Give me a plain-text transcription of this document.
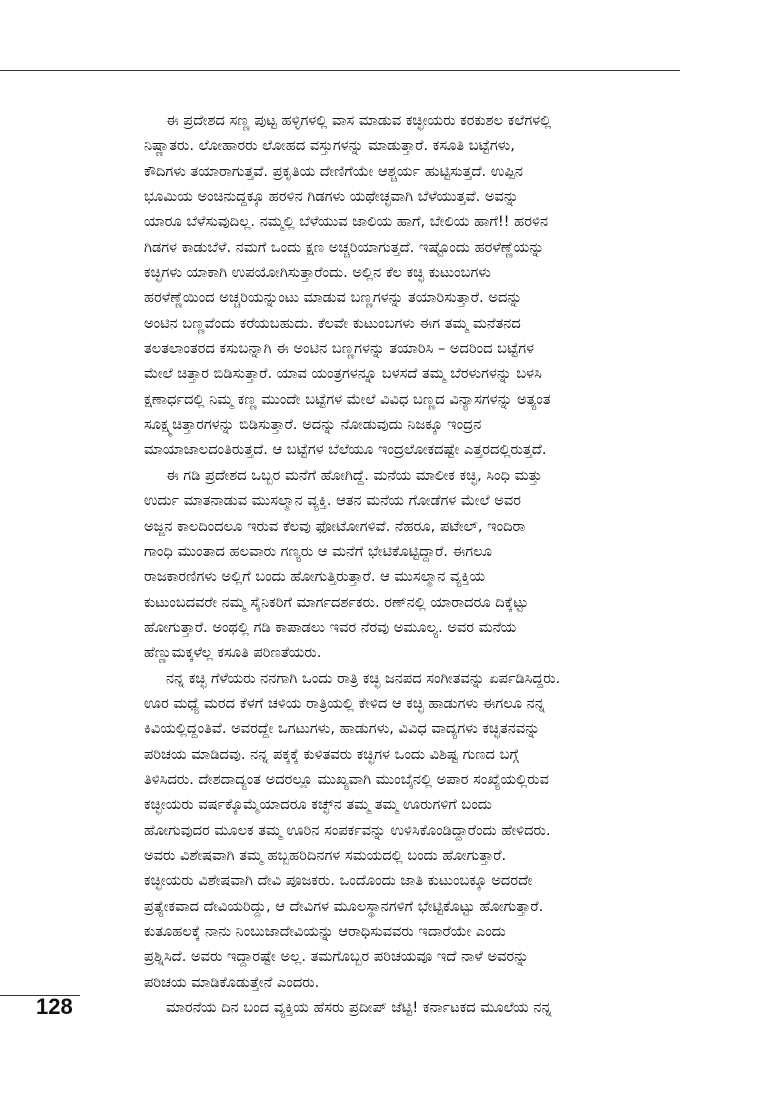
ಈ ಪ್ರದೇಶದ ಸಣ್ಣ ಪುಟ್ಟ ಹಳ್ಳಿಗಳಲ್ಲಿ ವಾಸ ಮಾಡುವ ಕಚ್ಛೀಯರು ಕರಕುಶಲ ಕಲೆಗಳಲ್ಲಿ
ನಿಷ್ಣಾತರು. ಲೋಹಾರರು ಲೋಹದ ವಸ್ತುಗಳನ್ನು ಮಾಡುತ್ತಾರೆ. ಕಸೂತಿ ಬಟ್ಟೆಗಳು,
ಕೌದಿಗಳು ತಯಾರಾಗುತ್ತವೆ. ಪ್ರಕೃತಿಯ ದೇಣಿಗೆಯೇ ಆಶ್ಚರ್ಯ ಹುಟ್ಟಿಸುತ್ತದೆ. ಉಪ್ಪಿನ
ಭೂಮಿಯ ಅಂಚಿನುದ್ದಕ್ಕೂ ಹರಳಿನ ಗಿಡಗಳು ಯಥೇಚ್ಛವಾಗಿ ಬೆಳೆಯುತ್ತವೆ. ಅವನ್ನು
ಯಾರೂ ಬೆಳೆಸುವುದಿಲ್ಲ. ನಮ್ಮಲ್ಲಿ ಬೆಳೆಯುವ ಜಾಲಿಯ ಹಾಗೆ, ಬೇಲಿಯ ಹಾಗೆ!! ಹರಳಿನ
ಗಿಡಗಳ ಕಾಡುಬೆಳೆ. ನಮಗೆ ಒಂದು ಕ್ಷಣ ಅಚ್ಚರಿಯಾಗುತ್ತದೆ. ಇಷ್ಟೊಂದು ಹರಳೆಣ್ಣೆಯನ್ನು
ಕಚ್ಛಿಗಳು ಯಾಕಾಗಿ ಉಪಯೋಗಿಸುತ್ತಾರೆಂದು. ಅಲ್ಲಿನ ಕೆಲ ಕಚ್ಛಿ ಕುಟುಂಬಗಳು
ಹರಳೆಣ್ಣೆಯಿಂದ ಅಚ್ಚರಿಯನ್ನುಂಟು ಮಾಡುವ ಬಣ್ಣಗಳನ್ನು ತಯಾರಿಸುತ್ತಾರೆ. ಅದನ್ನು
ಅಂಟಿನ ಬಣ್ಣವೆಂದು ಕರೆಯಬಹುದು. ಕೆಲವೇ ಕುಟುಂಬಗಳು ಈಗ ತಮ್ಮ ಮನೆತನದ
ತಲತಲಾಂತರದ ಕಸುಬನ್ನಾಗಿ ಈ ಅಂಟಿನ ಬಣ್ಣಗಳನ್ನು ತಯಾರಿಸಿ – ಅದರಿಂದ ಬಟ್ಟೆಗಳ
ಮೇಲೆ ಚಿತ್ತಾರ ಬಿಡಿಸುತ್ತಾರೆ. ಯಾವ ಯಂತ್ರಗಳನ್ನೂ ಬಳಸದೆ ತಮ್ಮ ಬೆರಳುಗಳನ್ನು ಬಳಸಿ
ಕ್ಷಣಾರ್ಧದಲ್ಲಿ ನಿಮ್ಮ ಕಣ್ಣ ಮುಂದೇ ಬಟ್ಟೆಗಳ ಮೇಲೆ ವಿವಿಧ ಬಣ್ಣದ ವಿನ್ಯಾಸಗಳನ್ನು ಅತ್ಯಂತ
ಸೂಕ್ಷ್ಮಚಿತ್ತಾರಗಳನ್ನು ಬಿಡಿಸುತ್ತಾರೆ. ಅದನ್ನು ನೋಡುವುದು ನಿಜಕ್ಕೂ ಇಂದ್ರನ
ಮಾಯಾಜಾಲದಂತಿರುತ್ತದೆ. ಆ ಬಟ್ಟೆಗಳ ಬೆಲೆಯೂ ಇಂದ್ರಲೋಕದಷ್ಟೇ ಎತ್ತರದಲ್ಲಿರುತ್ತದೆ.
ಈ ಗಡಿ ಪ್ರದೇಶದ ಒಬ್ಬರ ಮನೆಗೆ ಹೋಗಿದ್ದೆ. ಮನೆಯ ಮಾಲೀಕ ಕಚ್ಛಿ, ಸಿಂಧಿ ಮತ್ತು
ಉರ್ದು ಮಾತನಾಡುವ ಮುಸಲ್ಮಾನ ವ್ಯಕ್ತಿ. ಆತನ ಮನೆಯ ಗೋಡೆಗಳ ಮೇಲೆ ಅವರ
ಅಜ್ಜನ ಕಾಲದಿಂದಲೂ ಇರುವ ಕೆಲವು ಫೋಟೋಗಳಿವೆ. ನೆಹರೂ, ಪಟೇಲ್, ಇಂದಿರಾ
ಗಾಂಧಿ ಮುಂತಾದ ಹಲವಾರು ಗಣ್ಯರು ಆ ಮನೆಗೆ ಭೇಟಿಕೊಟ್ಟಿದ್ದಾರೆ. ಈಗಲೂ
ರಾಜಕಾರಣಿಗಳು ಅಲ್ಲಿಗೆ ಬಂದು ಹೋಗುತ್ತಿರುತ್ತಾರೆ. ಆ ಮುಸಲ್ಮಾನ ವ್ಯಕ್ತಿಯ
ಕುಟುಂಬದವರೇ ನಮ್ಮ ಸೈನಿಕರಿಗೆ ಮಾರ್ಗದರ್ಶಕರು. ರಣ್‌ನಲ್ಲಿ ಯಾರಾದರೂ ದಿಕ್ಕೆಟ್ಟು
ಹೋಗುತ್ತಾರೆ. ಅಂಥಲ್ಲಿ ಗಡಿ ಕಾಪಾಡಲು ಇವರ ನೆರವು ಅಮೂಲ್ಯ. ಅವರ ಮನೆಯ
ಹೆಣ್ಣುಮಕ್ಕಳೆಲ್ಲ ಕಸೂತಿ ಪರಿಣತೆಯರು.
ನನ್ನ ಕಚ್ಛಿ ಗೆಳೆಯರು ನನಗಾಗಿ ಒಂದು ರಾತ್ರಿ ಕಚ್ಛಿ ಜನಪದ ಸಂಗೀತವನ್ನು ಏರ್ಪಡಿಸಿದ್ದರು.
ಊರ ಮಧ್ಯೆ ಮರದ ಕೆಳಗೆ ಚಳಿಯ ರಾತ್ರಿಯಲ್ಲಿ ಕೇಳಿದ ಆ ಕಚ್ಛಿ ಹಾಡುಗಳು ಈಗಲೂ ನನ್ನ
ಕಿವಿಯಲ್ಲಿದ್ದಂತಿವೆ. ಅವರದ್ದೇ ಒಗಟುಗಳು, ಹಾಡುಗಳು, ವಿವಿಧ ವಾದ್ಯಗಳು ಕಚ್ಛಿತನವನ್ನು
ಪರಿಚಯ ಮಾಡಿದವು. ನನ್ನ ಪಕ್ಕಕ್ಕೆ ಕುಳಿತವರು ಕಚ್ಛಿಗಳ ಒಂದು ವಿಶಿಷ್ಟ ಗುಣದ ಬಗ್ಗೆ
ತಿಳಿಸಿದರು. ದೇಶದಾದ್ಯಂತ ಅದರಲ್ಲೂ ಮುಖ್ಯವಾಗಿ ಮುಂಬೈನಲ್ಲಿ ಅಪಾರ ಸಂಖ್ಯೆಯಲ್ಲಿರುವ
ಕಚ್ಛೀಯರು ವರ್ಷಕ್ಕೊಮ್ಮೆಯಾದರೂ ಕಚ್ಛ್‌ನ ತಮ್ಮ ತಮ್ಮ ಊರುಗಳಿಗೆ ಬಂದು
ಹೋಗುವುದರ ಮೂಲಕ ತಮ್ಮ ಊರಿನ ಸಂಪರ್ಕವನ್ನು ಉಳಿಸಿಕೊಂಡಿದ್ದಾರೆಂದು ಹೇಳಿದರು.
ಅವರು ವಿಶೇಷವಾಗಿ ತಮ್ಮ ಹಬ್ಬಹರಿದಿನಗಳ ಸಮಯದಲ್ಲಿ ಬಂದು ಹೋಗುತ್ತಾರೆ.
ಕಚ್ಛೀಯರು ವಿಶೇಷವಾಗಿ ದೇವಿ ಪೂಜಕರು. ಒಂದೊಂದು ಜಾತಿ ಕುಟುಂಬಕ್ಕೂ ಅದರದೇ
ಪ್ರತ್ಯೇಕವಾದ ದೇವಿಯರಿದ್ದು, ಆ ದೇವಿಗಳ ಮೂಲಸ್ಥಾನಗಳಿಗೆ ಭೇಟ್ಟಿಕೊಟ್ಟು ಹೋಗುತ್ತಾರೆ.
ಕುತೂಹಲಕ್ಕೆ ನಾನು ನಿಂಬುಜಾದೇವಿಯನ್ನು ಆರಾಧಿಸುವವರು ಇದಾರೆಯೇ ಎಂದು
ಪ್ರಶ್ನಿಸಿದೆ. ಅವರು ಇದ್ದಾರಷ್ಟೇ ಅಲ್ಲ. ತಮಗೊಬ್ಬರ ಪರಿಚಯವೂ ಇದೆ ನಾಳೆ ಅವರನ್ನು
ಪರಿಚಯ ಮಾಡಿಕೊಡುತ್ತೇನೆ ಎಂದರು.
ಮಾರನೆಯ ದಿನ ಬಂದ ವ್ಯಕ್ತಿಯ ಹೆಸರು ಪ್ರದೀಪ್ ಜೆಟ್ಟಿ! ಕರ್ನಾಟಕದ ಮೂಲೆಯ ನನ್ನ
128
